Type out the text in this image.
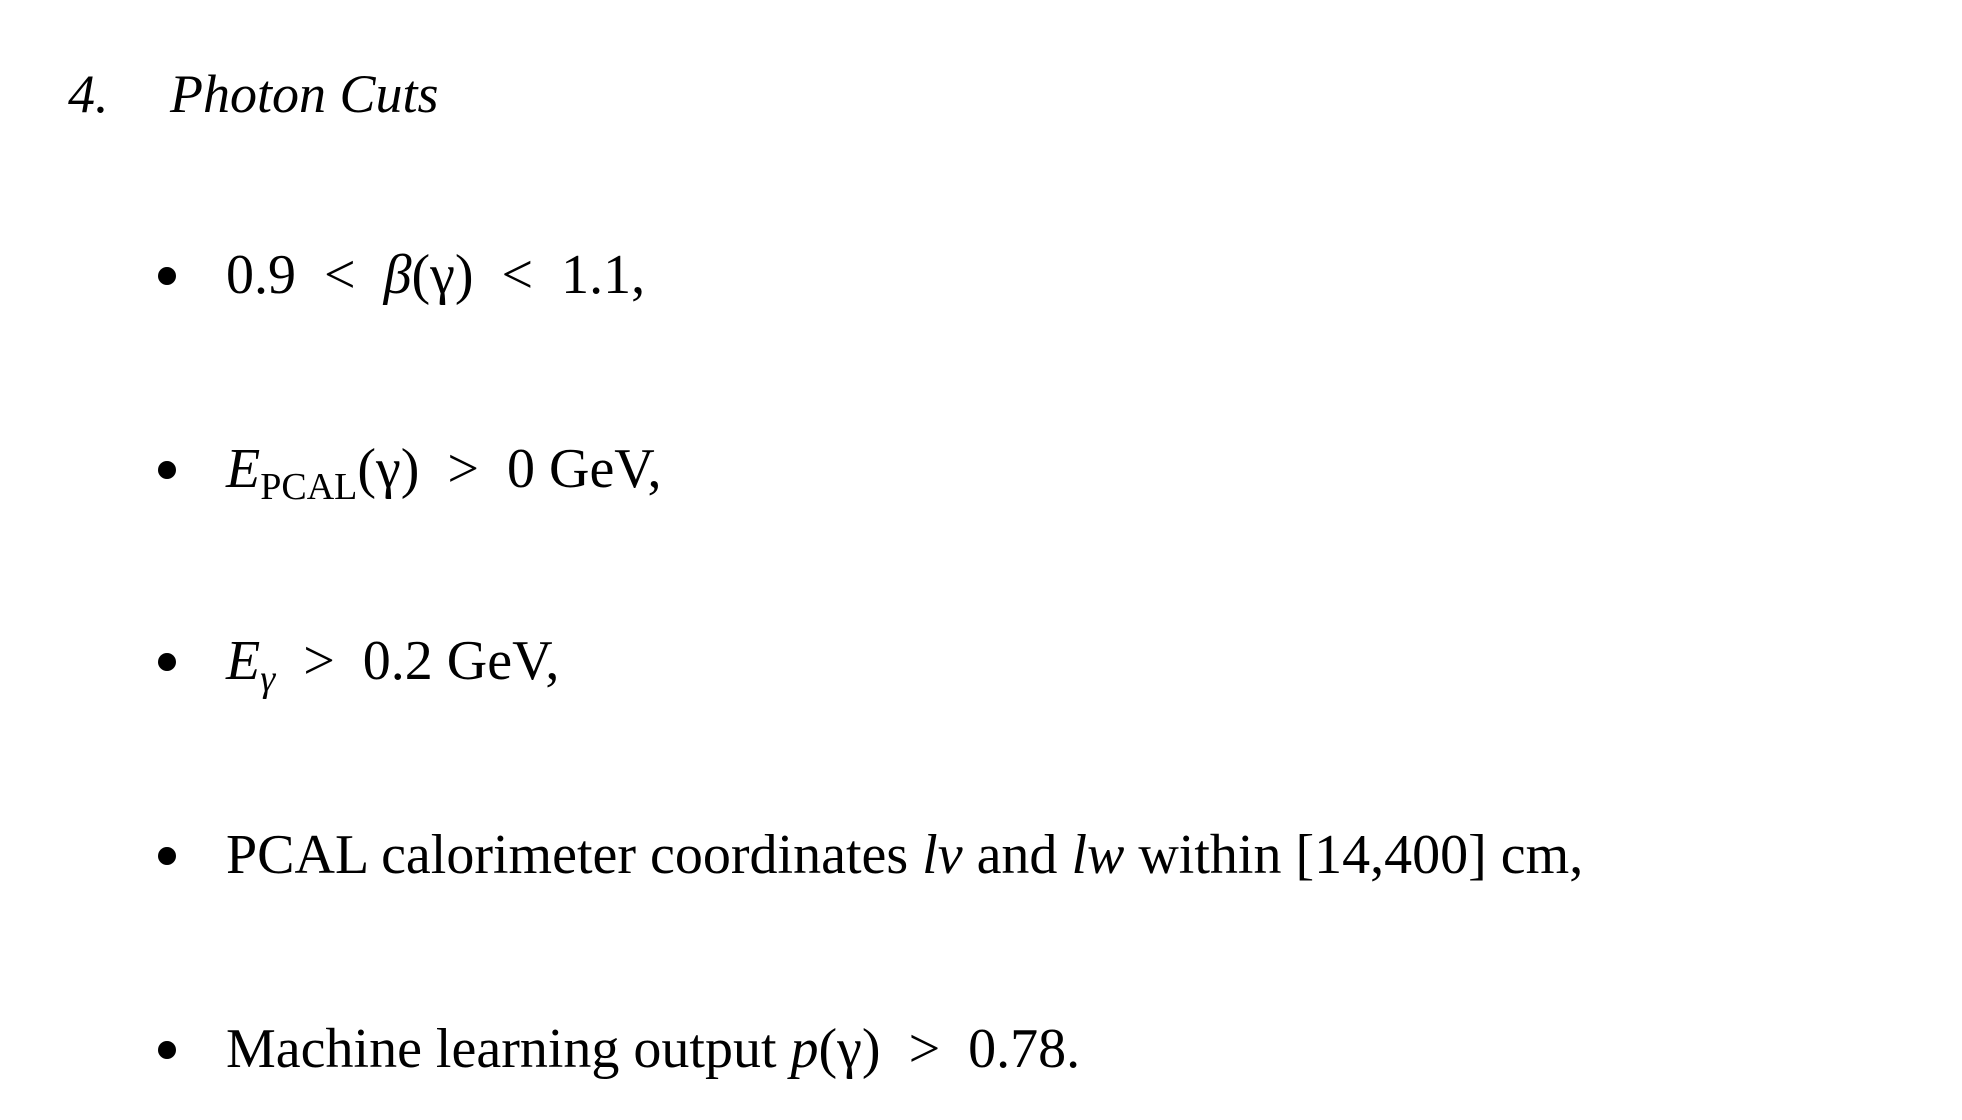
4. Photon Cuts
0.9 < β(γ) < 1.1,
$E_{PCAL}(\gamma) > 0$ GeV,
$E_\gamma > 0.2$ GeV,
PCAL calorimeter coordinates lv and lw within [14,400] cm,
Machine learning output p(γ) > 0.78.
